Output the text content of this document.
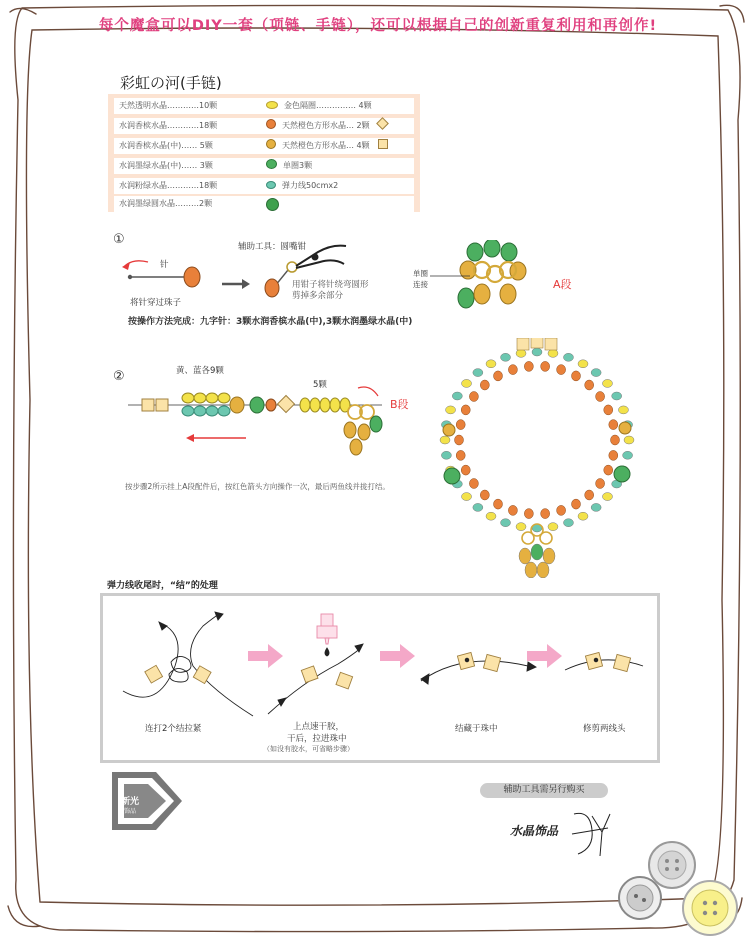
每个魔盒可以DIY一套（项链、手链），还可以根据自己的创新重复利用和再创作!
彩虹の河(手链)
天然透明水晶…………10颗	金色隔圈…………… 4颗
水润香槟水晶…………18颗	天然橙色方形水晶… 2颗
水润香槟水晶(中)…… 5颗	天然橙色方形水晶… 4颗
水润墨绿水晶(中)…… 3颗	单圈3颗
水润粉绿水晶…………18颗	弹力线50cmx2
水润墨绿圆水晶………2颗
①
针
将针穿过珠子
辅助工具：圆嘴钳
用钳子将针绕弯圆形
剪掉多余部分
单圈
连接	A段
按操作方法完成：九字针：3颗水润香槟水晶(中),3颗水润墨绿水晶(中)
②	黄、蓝各9颗
5颗
B段
按步骤2所示挂上A段配件后，按红色箭头方向操作一次，最后两鱼线并拢打结。
弹力线收尾时，“结”的处理
连打2个结拉紧	上点速干胶，
干后，拉进珠中
（如没有胶水，可省略步骤）
结藏于珠中	修剪两线头
新光
饰品
辅助工具需另行购买
水晶饰品
